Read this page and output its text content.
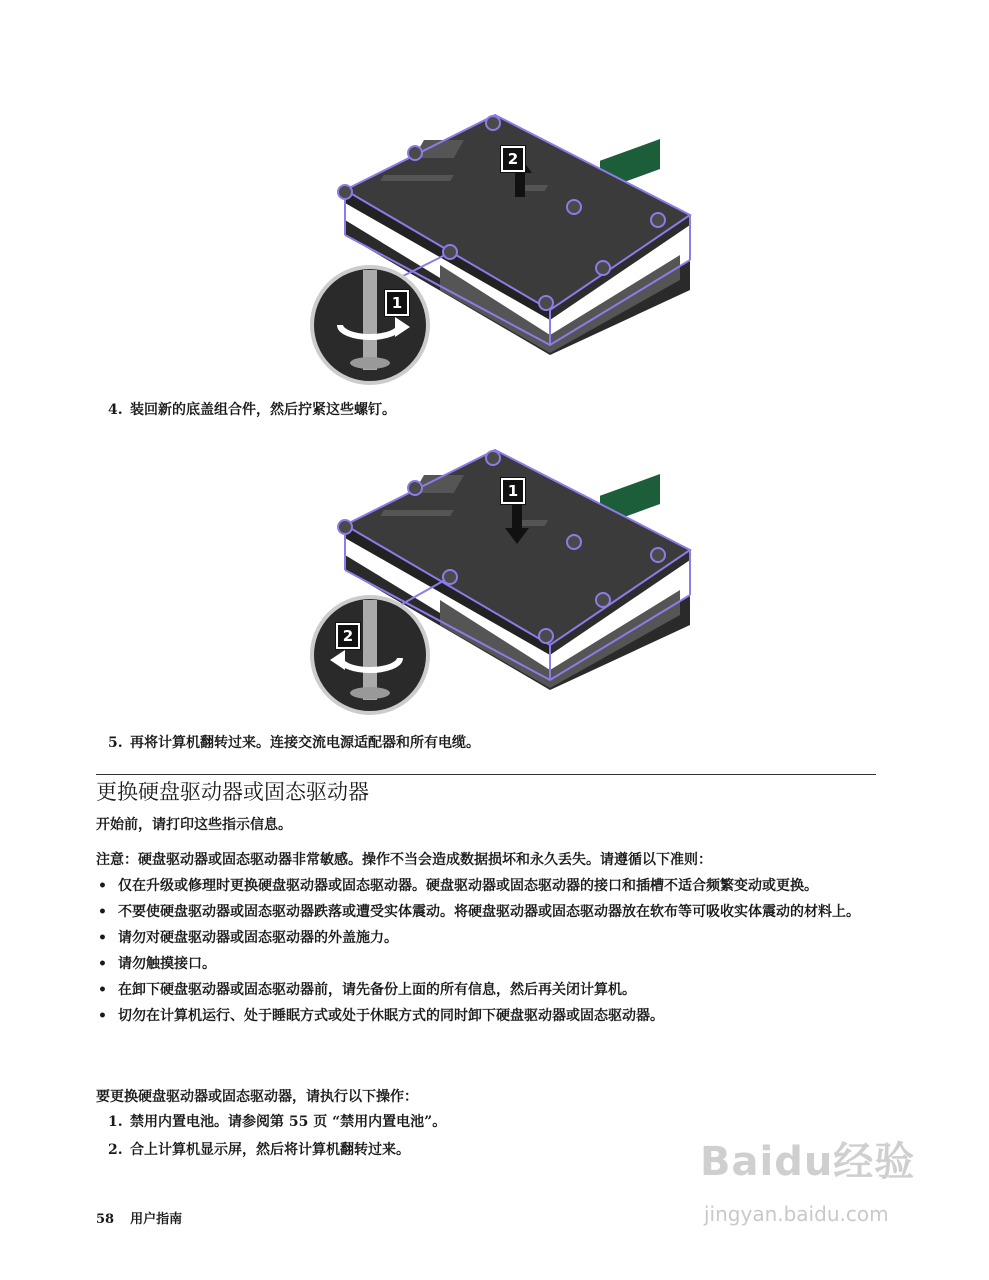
2
1
4. 装回新的底盖组合件，然后拧紧这些螺钉。
1
2
5. 再将计算机翻转过来。连接交流电源适配器和所有电缆。
更换硬盘驱动器或固态驱动器
开始前，请打印这些指示信息。
注意：硬盘驱动器或固态驱动器非常敏感。操作不当会造成数据损坏和永久丢失。请遵循以下准则：
• 仅在升级或修理时更换硬盘驱动器或固态驱动器。硬盘驱动器或固态驱动器的接口和插槽不适合频繁变动或更换。
• 不要使硬盘驱动器或固态驱动器跌落或遭受实体震动。将硬盘驱动器或固态驱动器放在软布等可吸收实体震动的材料上。
• 请勿对硬盘驱动器或固态驱动器的外盖施力。
• 请勿触摸接口。
• 在卸下硬盘驱动器或固态驱动器前，请先备份上面的所有信息，然后再关闭计算机。
• 切勿在计算机运行、处于睡眠方式或处于休眠方式的同时卸下硬盘驱动器或固态驱动器。
要更换硬盘驱动器或固态驱动器，请执行以下操作：
1. 禁用内置电池。请参阅第 55 页 “禁用内置电池”。
2. 合上计算机显示屏，然后将计算机翻转过来。	Baidu经验
jingyan.baidu.com
58 用户指南
